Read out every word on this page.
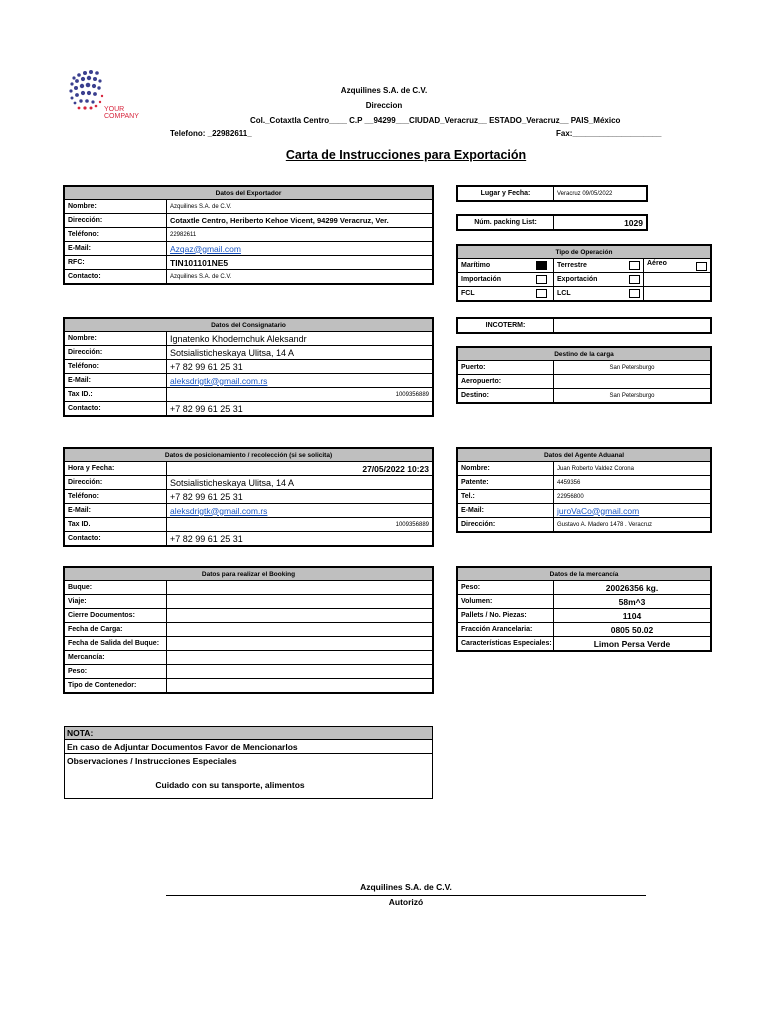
YOUR
COMPANY
Azquilines S.A. de C.V.
Direccion
Col._Cotaxtla Centro____ C.P __94299___CIUDAD_Veracruz__ ESTADO_Veracruz__ PAIS_México
Telefono: _22982611_	Fax:____________________
Carta de Instrucciones para Exportación
Datos del Exportador	
Nombre:	Azquilines S.A. de C.V.
Dirección:	Cotaxtle Centro, Heriberto Kehoe Vicent, 94299 Veracruz, Ver.
Teléfono:	22982611
E-Mail:	Azqaz@gmail.com
RFC:	TIN101101NE5
Contacto:	Azquilines S.A. de C.V.
Lugar y Fecha:	Veracruz 09/05/2022
Núm. packing List:	1029
Tipo de Operación				
Marítimo		Terrestre		Aéreo

Importación		Exportación		
FCL		LCL		
Datos del Consignatario	
Nombre:	Ignatenko Khodemchuk Aleksandr
Dirección:	Sotsialisticheskaya Ulitsa, 14 A
Teléfono:	+7 82 99 61 25 31
E-Mail:	aleksdrigtk@gmail.com.rs
Tax ID.:	1009356889
Contacto:	+7 82 99 61 25 31
INCOTERM:	
Destino de la carga	
Puerto:	San Petersburgo
Aeropuerto:	
Destino:	San Petersburgo
Datos de posicionamiento / recolección (si se solicita)	
Hora y Fecha:	27/05/2022 10:23
Dirección:	Sotsialisticheskaya Ulitsa, 14 A
Teléfono:	+7 82 99 61 25 31
E-Mail:	aleksdrigtk@gmail.com.rs
Tax ID.	1009356889
Contacto:	+7 82 99 61 25 31
Datos del Agente Aduanal	
Nombre:	Juan Roberto Valdez Corona
Patente:	4459356
Tel.:	22956800
E-Mail:	juroVaCo@gmail.com
Dirección:	Gustavo A. Madero 1478 . Veracruz
Datos para realizar el Booking	
Buque:	
Viaje:	
Cierre Documentos:	
Fecha de Carga:	
Fecha de Salida del Buque:	
Mercancía:	
Peso:	
Tipo de Contenedor:	
Datos de la mercancía	
Peso:	20026356 kg.
Volumen:	58m^3
Pallets / No. Piezas:	1104
Fracción Arancelaria:	0805 50.02
Características Especiales:	Limon Persa Verde
NOTA:
En caso de Adjuntar Documentos Favor de Mencionarlos
Observaciones / Instrucciones Especiales
Cuidado con su tansporte, alimentos
Azquilines S.A. de C.V.
Autorizó
